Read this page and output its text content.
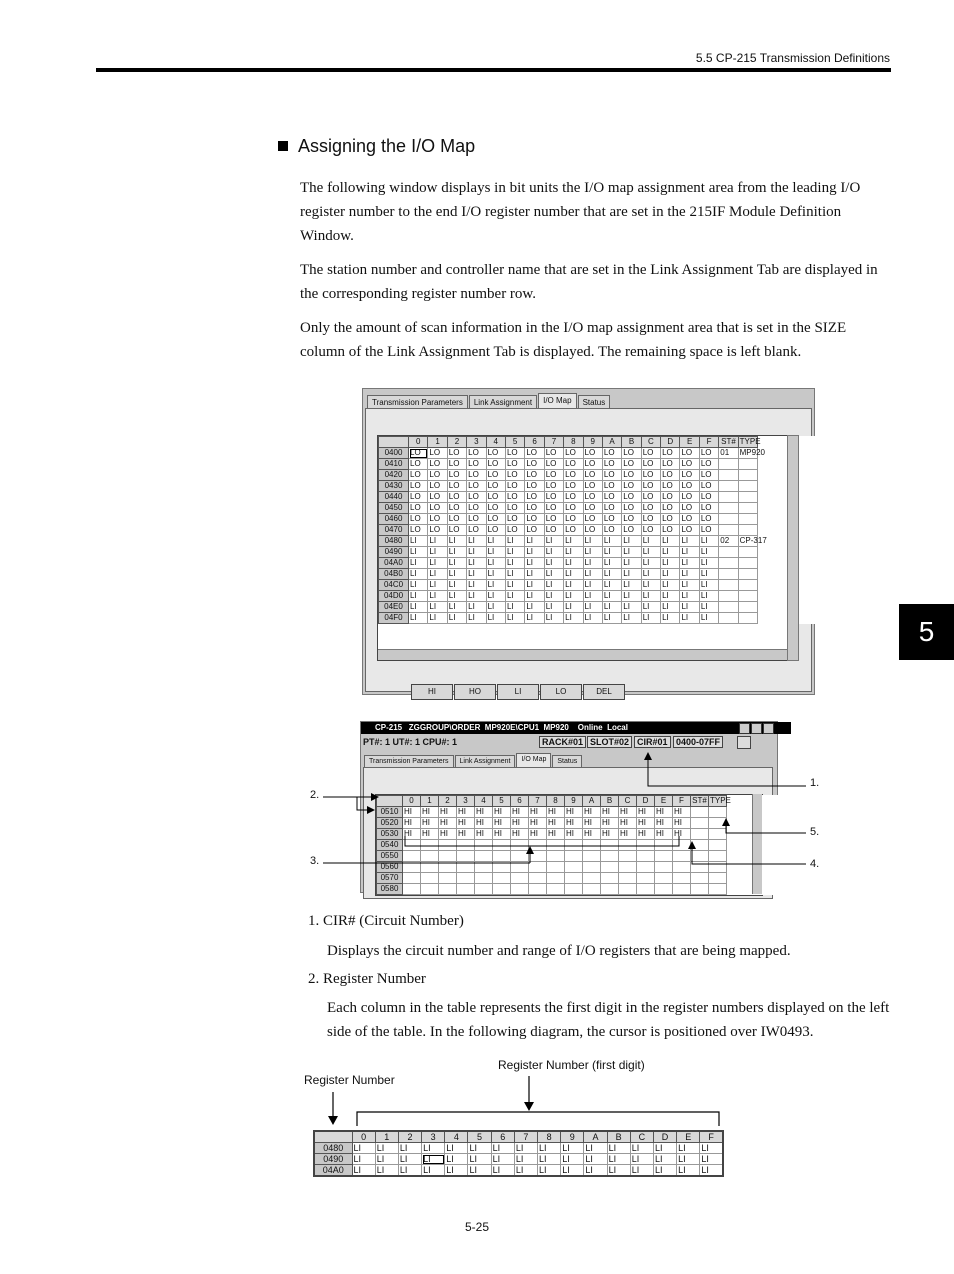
5.5 CP-215 Transmission Definitions
5
Assigning the I/O Map

The following window displays in bit units the I/O map assignment area from the leading I/O register number to the end I/O register number that are set in the 215IF Module Definition Window.

The station number and controller name that are set in the Link Assignment Tab are displayed in the corresponding register number row.

Only the amount of scan information in the I/O map assignment area that is set in the SIZE column of the Link Assignment Tab is displayed. The remaining space is left blank.

Transmission Parameters	Link Assignment	I/O Map	Status
	0	1	2	3	4	5	6	7	8	9	A	B	C	D	E	F	ST#	TYPE
0400	LO	LO	LO	LO	LO	LO	LO	LO	LO	LO	LO	LO	LO	LO	LO	LO	01	MP920
0410	LO	LO	LO	LO	LO	LO	LO	LO	LO	LO	LO	LO	LO	LO	LO	LO		
0420	LO	LO	LO	LO	LO	LO	LO	LO	LO	LO	LO	LO	LO	LO	LO	LO		
0430	LO	LO	LO	LO	LO	LO	LO	LO	LO	LO	LO	LO	LO	LO	LO	LO		
0440	LO	LO	LO	LO	LO	LO	LO	LO	LO	LO	LO	LO	LO	LO	LO	LO		
0450	LO	LO	LO	LO	LO	LO	LO	LO	LO	LO	LO	LO	LO	LO	LO	LO		
0460	LO	LO	LO	LO	LO	LO	LO	LO	LO	LO	LO	LO	LO	LO	LO	LO		
0470	LO	LO	LO	LO	LO	LO	LO	LO	LO	LO	LO	LO	LO	LO	LO	LO		
0480	LI	LI	LI	LI	LI	LI	LI	LI	LI	LI	LI	LI	LI	LI	LI	LI	02	CP-317
0490	LI	LI	LI	LI	LI	LI	LI	LI	LI	LI	LI	LI	LI	LI	LI	LI		
04A0	LI	LI	LI	LI	LI	LI	LI	LI	LI	LI	LI	LI	LI	LI	LI	LI		
04B0	LI	LI	LI	LI	LI	LI	LI	LI	LI	LI	LI	LI	LI	LI	LI	LI		
04C0	LI	LI	LI	LI	LI	LI	LI	LI	LI	LI	LI	LI	LI	LI	LI	LI		
04D0	LI	LI	LI	LI	LI	LI	LI	LI	LI	LI	LI	LI	LI	LI	LI	LI		
04E0	LI	LI	LI	LI	LI	LI	LI	LI	LI	LI	LI	LI	LI	LI	LI	LI		
04F0	LI	LI	LI	LI	LI	LI	LI	LI	LI	LI	LI	LI	LI	LI	LI	LI		
HI	HO	LI	LO	DEL
CP-215   ZGGROUP\ORDER  MP920E\CPU1  MP920    Online  Local
PT#: 1 UT#: 1 CPU#: 1	RACK#01 SLOT#02 CIR#01 0400-07FF
Transmission Parameters	Link Assignment	I/O Map	Status
	0	1	2	3	4	5	6	7	8	9	A	B	C	D	E	F	ST#	TYPE
0510	HI	HI	HI	HI	HI	HI	HI	HI	HI	HI	HI	HI	HI	HI	HI	HI		
0520	HI	HI	HI	HI	HI	HI	HI	HI	HI	HI	HI	HI	HI	HI	HI	HI		
0530	HI	HI	HI	HI	HI	HI	HI	HI	HI	HI	HI	HI	HI	HI	HI	HI		
0540																		
0550																		
0560																		
0570																		
0580																		
1.
2.
3.	4.
5.
1. CIR# (Circuit Number)

Displays the circuit number and range of I/O registers that are being mapped.

2. Register Number

Each column in the table represents the first digit in the register numbers displayed on the left side of the table. In the following diagram, the cursor is positioned over IW0493.

Register Number (first digit)
Register Number
	0	1	2	3	4	5	6	7	8	9	A	B	C	D	E	F
0480	LI	LI	LI	LI	LI	LI	LI	LI	LI	LI	LI	LI	LI	LI	LI	LI
0490	LI	LI	LI	LI	LI	LI	LI	LI	LI	LI	LI	LI	LI	LI	LI	LI
04A0	LI	LI	LI	LI	LI	LI	LI	LI	LI	LI	LI	LI	LI	LI	LI	LI
5-25
